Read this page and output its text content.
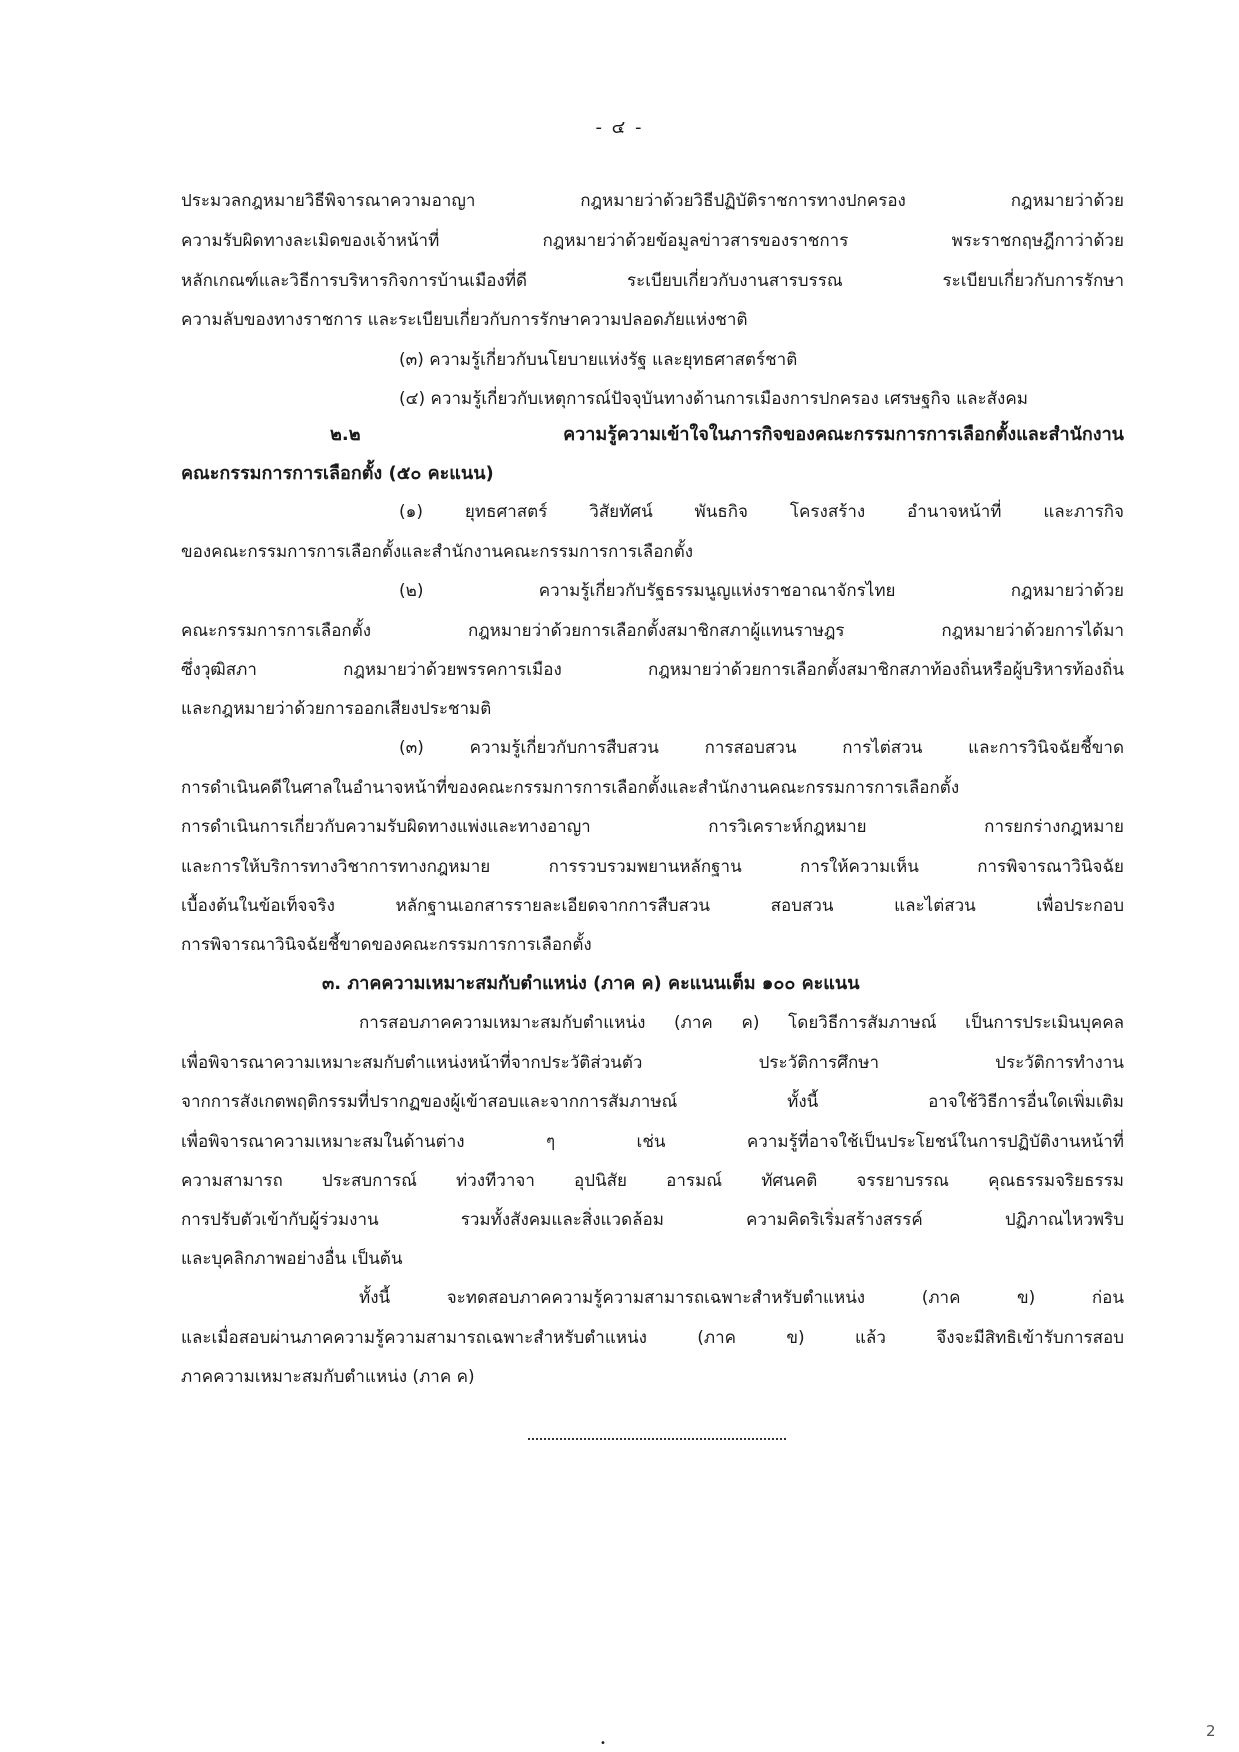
- ๔ -
ประมวลกฎหมายวิธีพิจารณาความอาญา กฎหมายว่าด้วยวิธีปฏิบัติราชการทางปกครอง กฎหมายว่าด้วย
ความรับผิดทางละเมิดของเจ้าหน้าที่ กฎหมายว่าด้วยข้อมูลข่าวสารของราชการ พระราชกฤษฎีกาว่าด้วย
หลักเกณฑ์และวิธีการบริหารกิจการบ้านเมืองที่ดี ระเบียบเกี่ยวกับงานสารบรรณ ระเบียบเกี่ยวกับการรักษา
ความลับของทางราชการ และระเบียบเกี่ยวกับการรักษาความปลอดภัยแห่งชาติ
(๓) ความรู้เกี่ยวกับนโยบายแห่งรัฐ และยุทธศาสตร์ชาติ
(๔) ความรู้เกี่ยวกับเหตุการณ์ปัจจุบันทางด้านการเมืองการปกครอง เศรษฐกิจ และสังคม
๒.๒ ความรู้ความเข้าใจในภารกิจของคณะกรรมการการเลือกตั้งและสำนักงาน
คณะกรรมการการเลือกตั้ง (๕๐ คะแนน)
(๑) ยุทธศาสตร์ วิสัยทัศน์ พันธกิจ โครงสร้าง อำนาจหน้าที่ และภารกิจ
ของคณะกรรมการการเลือกตั้งและสำนักงานคณะกรรมการการเลือกตั้ง
(๒) ความรู้เกี่ยวกับรัฐธรรมนูญแห่งราชอาณาจักรไทย กฎหมายว่าด้วย
คณะกรรมการการเลือกตั้ง กฎหมายว่าด้วยการเลือกตั้งสมาชิกสภาผู้แทนราษฎร กฎหมายว่าด้วยการได้มา
ซึ่งวุฒิสภา กฎหมายว่าด้วยพรรคการเมือง กฎหมายว่าด้วยการเลือกตั้งสมาชิกสภาท้องถิ่นหรือผู้บริหารท้องถิ่น
และกฎหมายว่าด้วยการออกเสียงประชามติ
(๓) ความรู้เกี่ยวกับการสืบสวน การสอบสวน การไต่สวน และการวินิจฉัยชี้ขาด
การดำเนินคดีในศาลในอำนาจหน้าที่ของคณะกรรมการการเลือกตั้งและสำนักงานคณะกรรมการการเลือกตั้ง
การดำเนินการเกี่ยวกับความรับผิดทางแพ่งและทางอาญา การวิเคราะห์กฎหมาย การยกร่างกฎหมาย
และการให้บริการทางวิชาการทางกฎหมาย การรวบรวมพยานหลักฐาน การให้ความเห็น การพิจารณาวินิจฉัย
เบื้องต้นในข้อเท็จจริง หลักฐานเอกสารรายละเอียดจากการสืบสวน สอบสวน และไต่สวน เพื่อประกอบ
การพิจารณาวินิจฉัยชี้ขาดของคณะกรรมการการเลือกตั้ง
๓. ภาคความเหมาะสมกับตำแหน่ง (ภาค ค) คะแนนเต็ม ๑๐๐ คะแนน
การสอบภาคความเหมาะสมกับตำแหน่ง (ภาค ค) โดยวิธีการสัมภาษณ์ เป็นการประเมินบุคคล
เพื่อพิจารณาความเหมาะสมกับตำแหน่งหน้าที่จากประวัติส่วนตัว ประวัติการศึกษา ประวัติการทำงาน
จากการสังเกตพฤติกรรมที่ปรากฏของผู้เข้าสอบและจากการสัมภาษณ์ ทั้งนี้ อาจใช้วิธีการอื่นใดเพิ่มเติม
เพื่อพิจารณาความเหมาะสมในด้านต่าง ๆ เช่น ความรู้ที่อาจใช้เป็นประโยชน์ในการปฏิบัติงานหน้าที่
ความสามารถ ประสบการณ์ ท่วงทีวาจา อุปนิสัย อารมณ์ ทัศนคติ จรรยาบรรณ คุณธรรมจริยธรรม
การปรับตัวเข้ากับผู้ร่วมงาน รวมทั้งสังคมและสิ่งแวดล้อม ความคิดริเริ่มสร้างสรรค์ ปฏิภาณไหวพริบ
และบุคลิกภาพอย่างอื่น เป็นต้น
ทั้งนี้ จะทดสอบภาคความรู้ความสามารถเฉพาะสำหรับตำแหน่ง (ภาค ข) ก่อน
และเมื่อสอบผ่านภาคความรู้ความสามารถเฉพาะสำหรับตำแหน่ง (ภาค ข) แล้ว จึงจะมีสิทธิเข้ารับการสอบ
ภาคความเหมาะสมกับตำแหน่ง (ภาค ค)
•
2
